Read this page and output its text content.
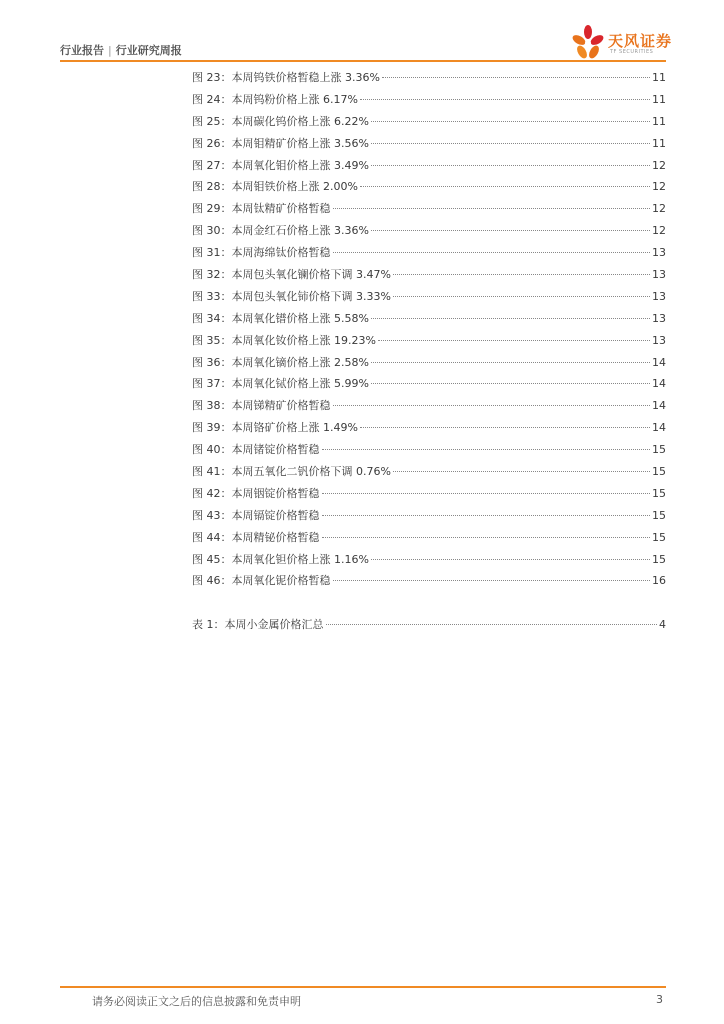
行业报告 | 行业研究周报
天风证券
TF SECURITIES
图 23：本周钨铁价格暂稳上涨 3.36%	11
图 24：本周钨粉价格上涨 6.17%	11
图 25：本周碳化钨价格上涨 6.22%	11
图 26：本周钼精矿价格上涨 3.56%	11
图 27：本周氧化钼价格上涨 3.49%	12
图 28：本周钼铁价格上涨 2.00%	12
图 29：本周钛精矿价格暂稳	12
图 30：本周金红石价格上涨 3.36%	12
图 31：本周海绵钛价格暂稳	13
图 32：本周包头氧化镧价格下调 3.47%	13
图 33：本周包头氧化铈价格下调 3.33%	13
图 34：本周氧化镨价格上涨 5.58%	13
图 35：本周氧化钕价格上涨 19.23%	13
图 36：本周氧化镝价格上涨 2.58%	14
图 37：本周氧化铽价格上涨 5.99%	14
图 38：本周锑精矿价格暂稳	14
图 39：本周铬矿价格上涨 1.49%	14
图 40：本周锗锭价格暂稳	15
图 41：本周五氧化二钒价格下调 0.76%	15
图 42：本周铟锭价格暂稳	15
图 43：本周镉锭价格暂稳	15
图 44：本周精铋价格暂稳	15
图 45：本周氧化钽价格上涨 1.16%	15
图 46：本周氧化铌价格暂稳	16
表 1：本周小金属价格汇总	4
请务必阅读正文之后的信息披露和免责申明	3
